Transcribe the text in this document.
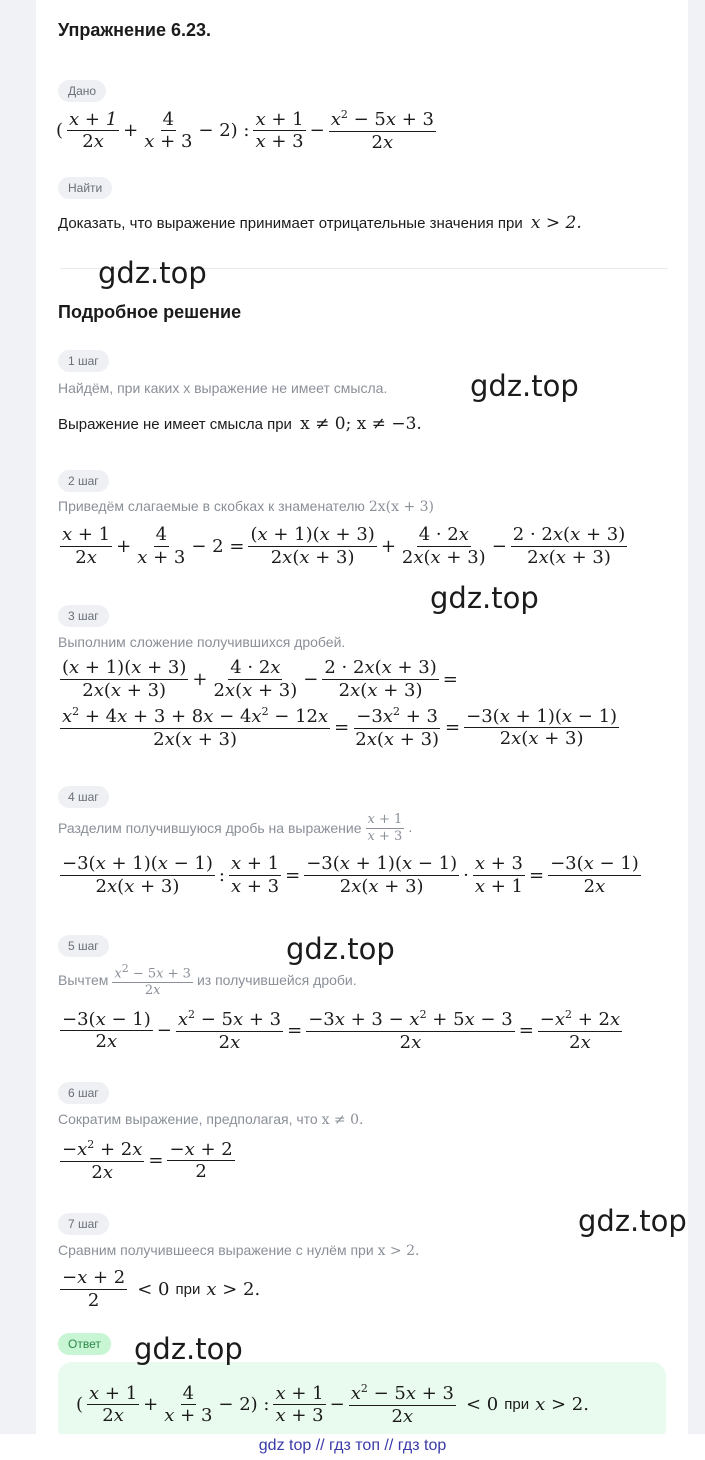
Упражнение 6.23.
Дано
(
x + 1
2x
+
4
x + 3
− 2) :
x + 1
x + 3
−
$x^2 - 5x + 3$
2x
Найти
Доказать, что выражение принимает отрицательные значения при x > 2.
Подробное решение
1 шаг
Найдём, при каких x выражение не имеет смысла.
Выражение не имеет смысла при x ≠ 0; x ≠ −3.
2 шаг
Приведём слагаемые в скобках к знаменателю 2x(x + 3)
x + 1
2x
+
4
x + 3
− 2 =
(x + 1)(x + 3)
2x(x + 3)
+
4 · 2x
2x(x + 3)
−
2 · 2x(x + 3)
2x(x + 3)
3 шаг
Выполним сложение получившихся дробей.
(x + 1)(x + 3)
2x(x + 3)
+
4 · 2x
2x(x + 3)
−
2 · 2x(x + 3)
2x(x + 3)
=
$x^2 + 4x + 3 + 8x - 4x^2 - 12x$
2x(x + 3)
=
$-3x^2 + 3$
2x(x + 3)
=
−3(x + 1)(x − 1)
2x(x + 3)
4 шаг
Разделим получившуюся дробь на выражение
x + 1
x + 3
.
−3(x + 1)(x − 1)
2x(x + 3)
:
x + 1
x + 3
=
−3(x + 1)(x − 1)
2x(x + 3)
·
x + 3
x + 1
=
−3(x − 1)
2x
5 шаг
Вычтем $x^2 - 5x + 3$
2x
из получившейся дроби.
−3(x − 1)
2x
−
$x^2 - 5x + 3$
2x
=
$-3x + 3 - x^2 + 5x - 3$
2x
=
$-x^2 + 2x$
2x
6 шаг
Сократим выражение, предполагая, что x ≠ 0.
$-x^2 + 2x$
2x
=
−x + 2
2
7 шаг
Сравним получившееся выражение с нулём при x > 2.
−x + 2
2
< 0 при x > 2.
Ответ
(
x + 1
2x
+
4
x + 3
− 2) :
x + 1
x + 3
−
$x^2 - 5x + 3$
2x
< 0 при x > 2.
gdz.top
gdz.top
gdz.top
gdz.top
gdz.top
gdz.top
gdz top // гдз топ // гдз top
